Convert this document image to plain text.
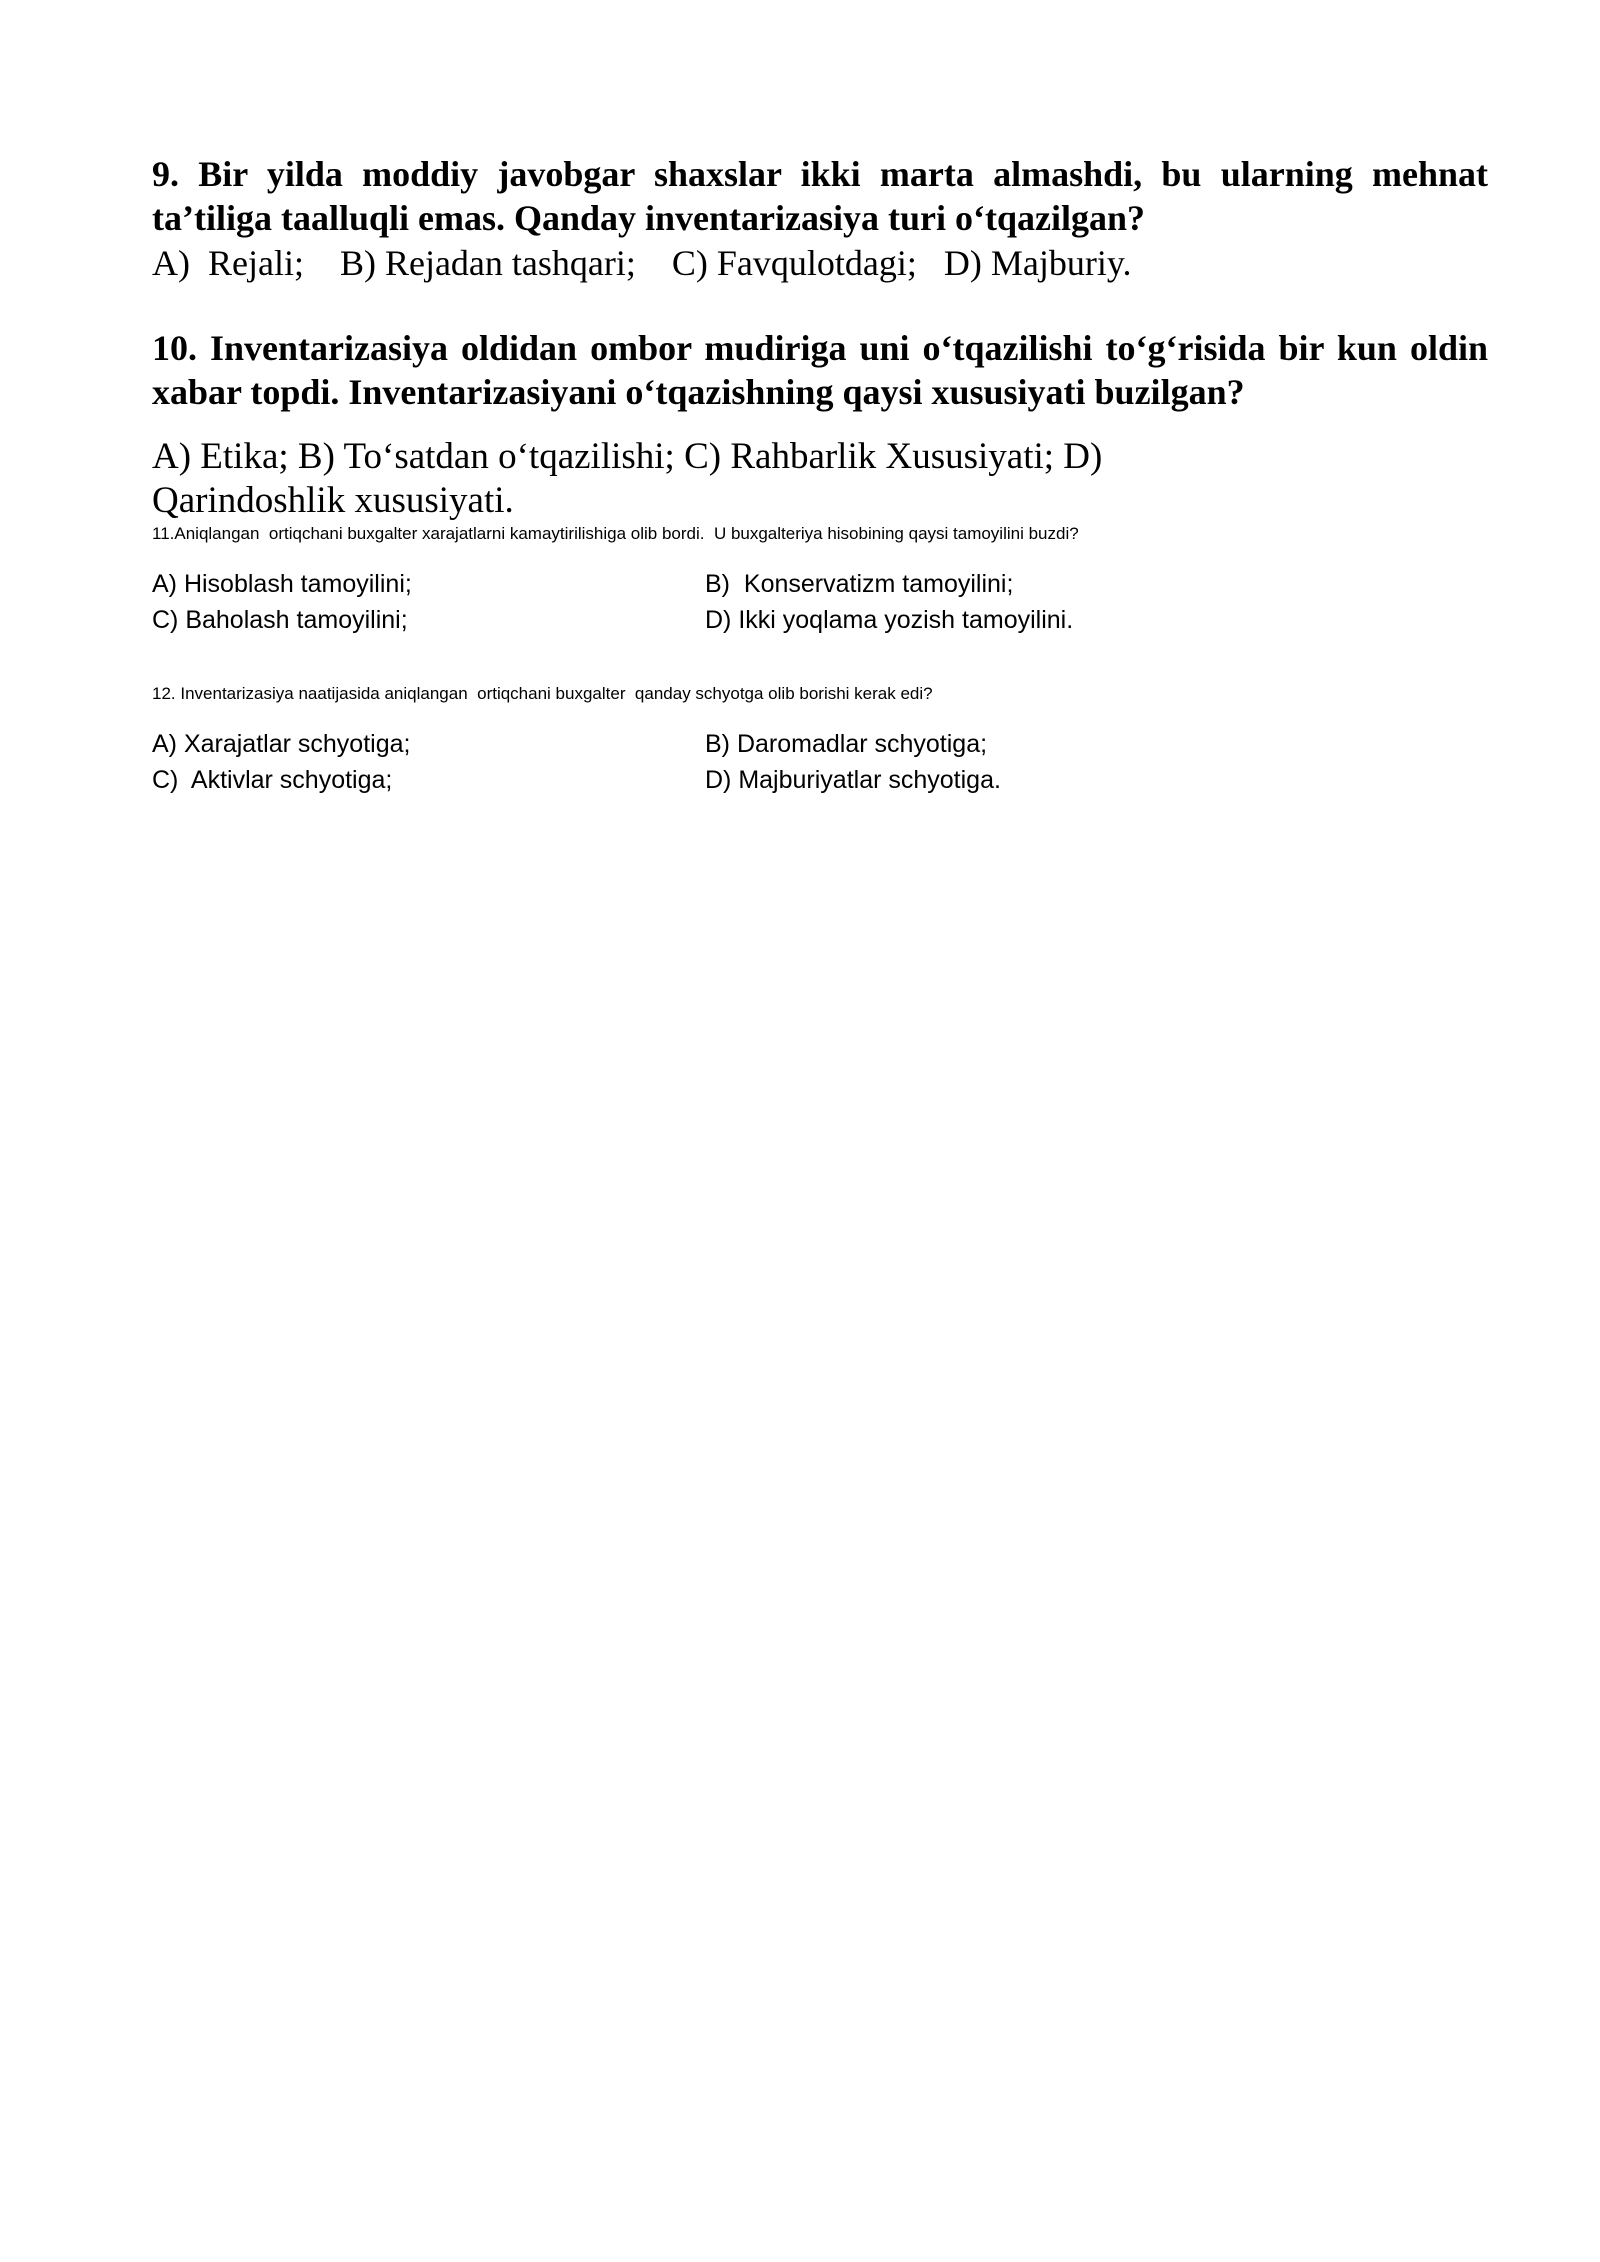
9. Bir yilda moddiy javobgar shaxslar ikki marta almashdi, bu ularning mehnat ta’tiliga taalluqli emas. Qanday inventarizasiya turi o‘tqazilgan?

A)  Rejali;    B) Rejadan tashqari;    C) Favqulotdagi;   D) Majburiy.

10. Inventarizasiya oldidan ombor mudiriga uni o‘tqazilishi to‘g‘risida bir kun oldin xabar topdi. Inventarizasiyani o‘tqazishning qaysi xususiyati buzilgan?

A) Etika; B) To‘satdan o‘tqazilishi; C) Rahbarlik Xususiyati; D) Qarindoshlik xususiyati.

11.Aniqlangan  ortiqchani buxgalter xarajatlarni kamaytirilishiga olib bordi.  U buxgalteriya hisobining qaysi tamoyilini buzdi?

A) Hisoblash tamoyilini;	B)  Konservatizm tamoyilini;
C) Baholash tamoyilini;	D) Ikki yoqlama yozish tamoyilini.

12. Inventarizasiya naatijasida aniqlangan  ortiqchani buxgalter  qanday schyotga olib borishi kerak edi?

A) Xarajatlar schyotiga;	B) Daromadlar schyotiga;
C)  Aktivlar schyotiga;	D) Majburiyatlar schyotiga.
